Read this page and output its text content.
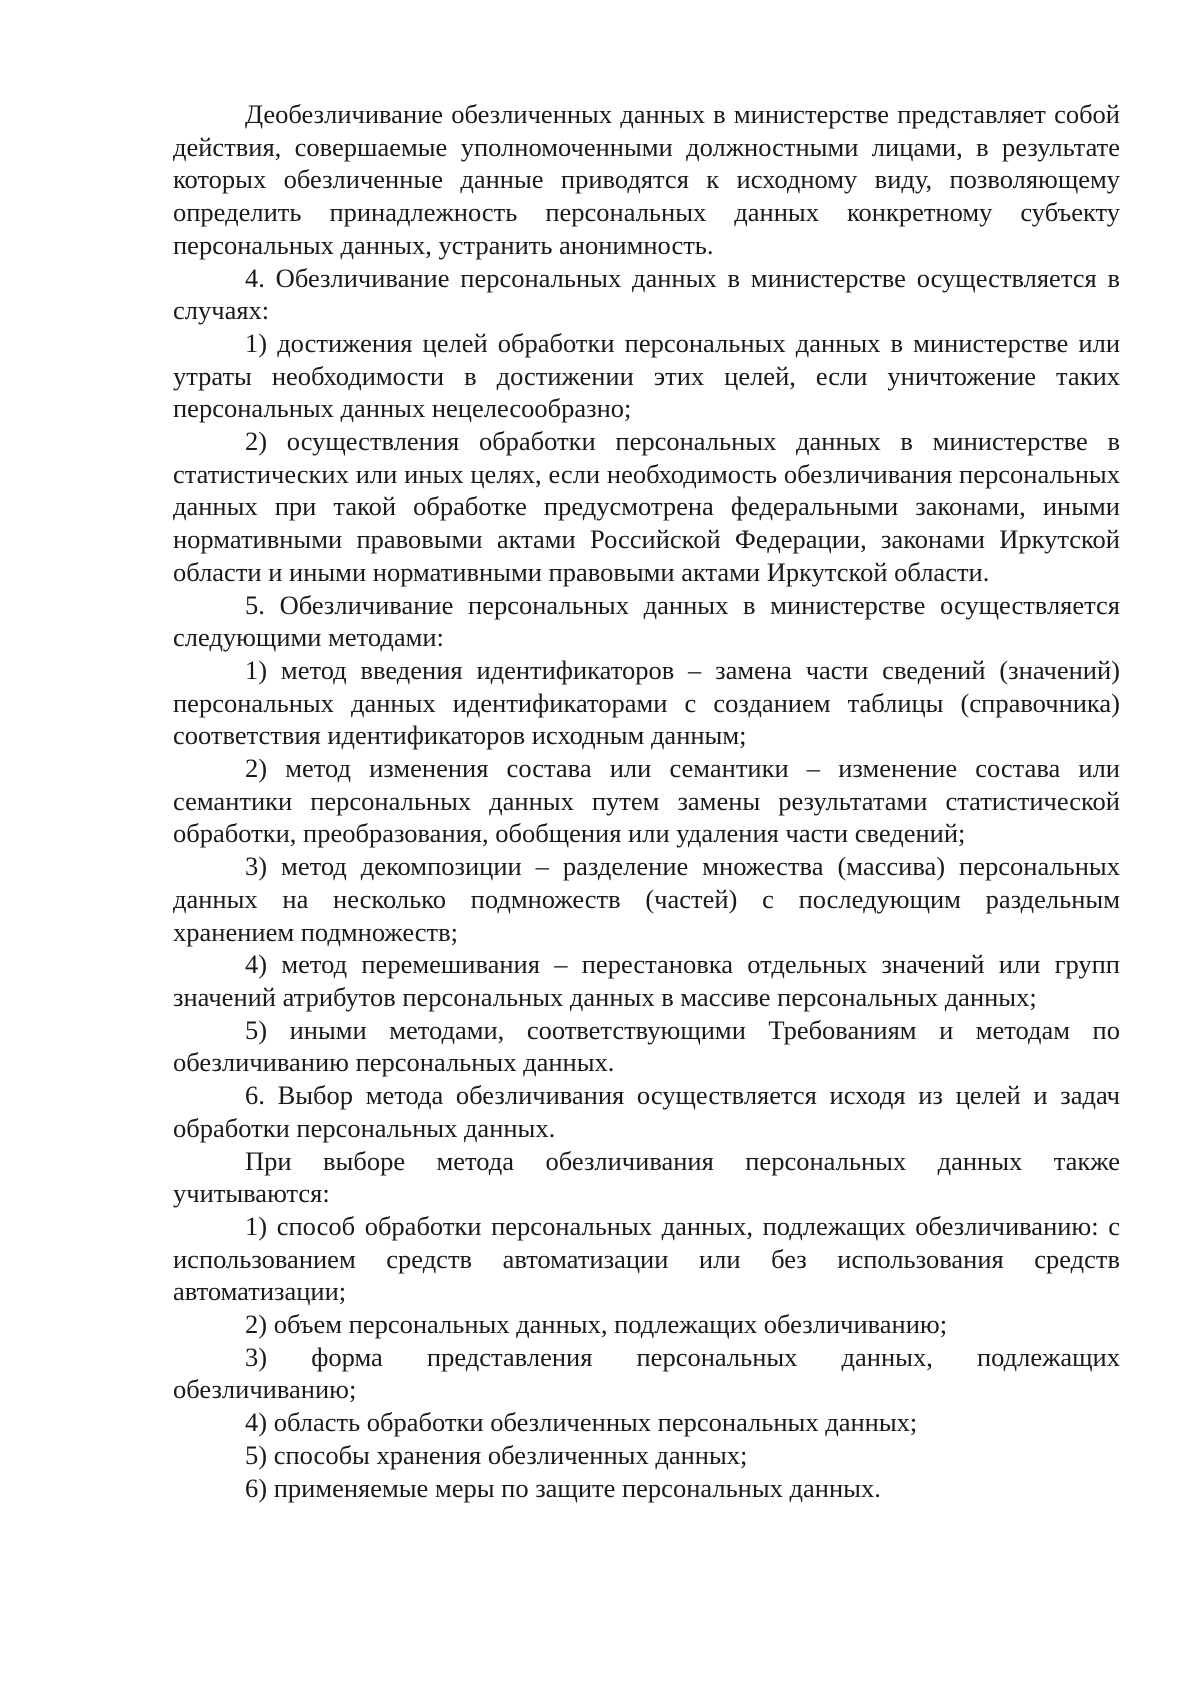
Деобезличивание обезличенных данных в министерстве представляет собой действия, совершаемые уполномоченными должностными лицами, в результате которых обезличенные данные приводятся к исходному виду, позволяющему определить принадлежность персональных данных конкретному субъекту персональных данных, устранить анонимность.

4. Обезличивание персональных данных в министерстве осуществляется в случаях:

1) достижения целей обработки персональных данных в министерстве или утраты необходимости в достижении этих целей, если уничтожение таких персональных данных нецелесообразно;

2) осуществления обработки персональных данных в министерстве в статистических или иных целях, если необходимость обезличивания персональных данных при такой обработке предусмотрена федеральными законами, иными нормативными правовыми актами Российской Федерации, законами Иркутской области и иными нормативными правовыми актами Иркутской области.

5. Обезличивание персональных данных в министерстве осуществляется следующими методами:

1) метод введения идентификаторов – замена части сведений (значений) персональных данных идентификаторами с созданием таблицы (справочника) соответствия идентификаторов исходным данным;

2) метод изменения состава или семантики – изменение состава или семантики персональных данных путем замены результатами статистической обработки, преобразования, обобщения или удаления части сведений;

3) метод декомпозиции – разделение множества (массива) персональных данных на несколько подмножеств (частей) с последующим раздельным хранением подмножеств;

4) метод перемешивания – перестановка отдельных значений или групп значений атрибутов персональных данных в массиве персональных данных;

5) иными методами, соответствующими Требованиям и методам по обезличиванию персональных данных.

6. Выбор метода обезличивания осуществляется исходя из целей и задач обработки персональных данных.

При выборе метода обезличивания персональных данных также учитываются:

1) способ обработки персональных данных, подлежащих обезличиванию: с использованием средств автоматизации или без использования средств автоматизации;

2) объем персональных данных, подлежащих обезличиванию;

3) форма представления персональных данных, подлежащих обезличиванию;

4) область обработки обезличенных персональных данных;

5) способы хранения обезличенных данных;

6) применяемые меры по защите персональных данных.
